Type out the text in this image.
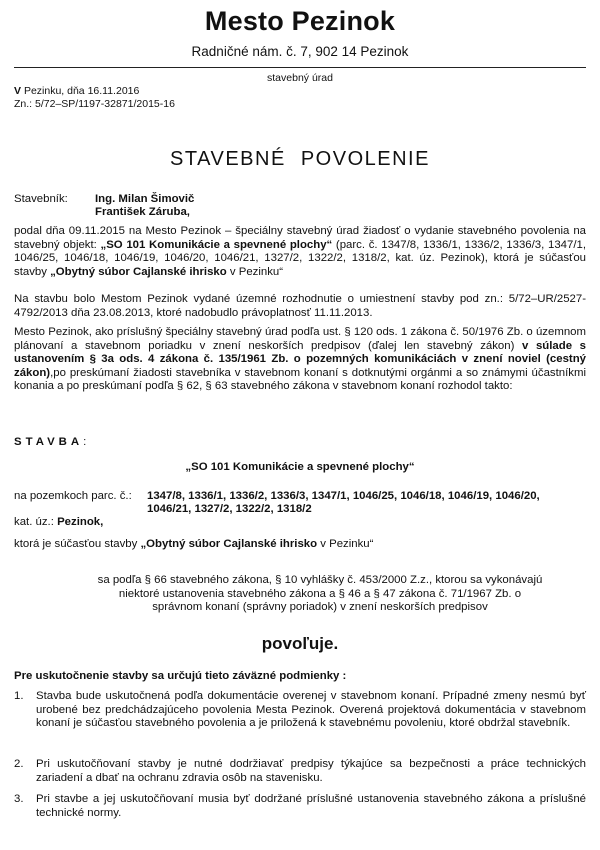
Mesto Pezinok
Radničné nám. č. 7, 902 14 Pezinok
stavebný úrad
V Pezinku, dňa 16.11.2016
Zn.: 5/72–SP/1197-32871/2015-16
STAVEBNÉ POVOLENIE
Stavebník: Ing. Milan Šimovič
František Záruba,
podal dňa 09.11.2015 na Mesto Pezinok – špeciálny stavebný úrad žiadosť o vydanie stavebného povolenia na stavebný objekt: „SO 101 Komunikácie a spevnené plochy“ (parc. č. 1347/8, 1336/1, 1336/2, 1336/3, 1347/1, 1046/25, 1046/18, 1046/19, 1046/20, 1046/21, 1327/2, 1322/2, 1318/2, kat. úz. Pezinok), ktorá je súčasťou stavby „Obytný súbor Cajlanské ihrisko v Pezinku“
Na stavbu bolo Mestom Pezinok vydané územné rozhodnutie o umiestnení stavby pod zn.: 5/72–UR/2527-4792/2013 dňa 23.08.2013, ktoré nadobudlo právoplatnosť 11.11.2013.
Mesto Pezinok, ako príslušný špeciálny stavebný úrad podľa ust. § 120 ods. 1 zákona č. 50/1976 Zb. o územnom plánovaní a stavebnom poriadku v znení neskorších predpisov (ďalej len stavebný zákon) v súlade s ustanovením § 3a ods. 4 zákona č. 135/1961 Zb. o pozemných komunikáciách v znení noviel (cestný zákon),po preskúmaní žiadosti stavebníka v stavebnom konaní s dotknutými orgánmi a so známymi účastníkmi konania a po preskúmaní podľa § 62, § 63 stavebného zákona v stavebnom konaní rozhodol takto:
STAVBA:
„SO 101 Komunikácie a spevnené plochy“
na pozemkoch parc. č.: 1347/8, 1336/1, 1336/2, 1336/3, 1347/1, 1046/25, 1046/18, 1046/19, 1046/20,
1046/21, 1327/2, 1322/2, 1318/2
kat. úz.: Pezinok,
ktorá je súčasťou stavby „Obytný súbor Cajlanské ihrisko v Pezinku“
sa podľa § 66 stavebného zákona, § 10 vyhlášky č. 453/2000 Z.z., ktorou sa vykonávajú niektoré ustanovenia stavebného zákona a § 46 a § 47 zákona č. 71/1967 Zb. o správnom konaní (správny poriadok) v znení neskorších predpisov
povoľuje.
Pre uskutočnenie stavby sa určujú tieto záväzné podmienky :
1. Stavba bude uskutočnená podľa dokumentácie overenej v stavebnom konaní. Prípadné zmeny nesmú byť urobené bez predchádzajúceho povolenia Mesta Pezinok. Overená projektová dokumentácia v stavebnom konaní je súčasťou stavebného povolenia a je priložená k stavebnému povoleniu, ktoré obdržal stavebník.
2. Pri uskutočňovaní stavby je nutné dodržiavať predpisy týkajúce sa bezpečnosti a práce technických zariadení a dbať na ochranu zdravia osôb na stavenisku.
3. Pri stavbe a jej uskutočňovaní musia byť dodržané príslušné ustanovenia stavebného zákona a príslušné technické normy.
